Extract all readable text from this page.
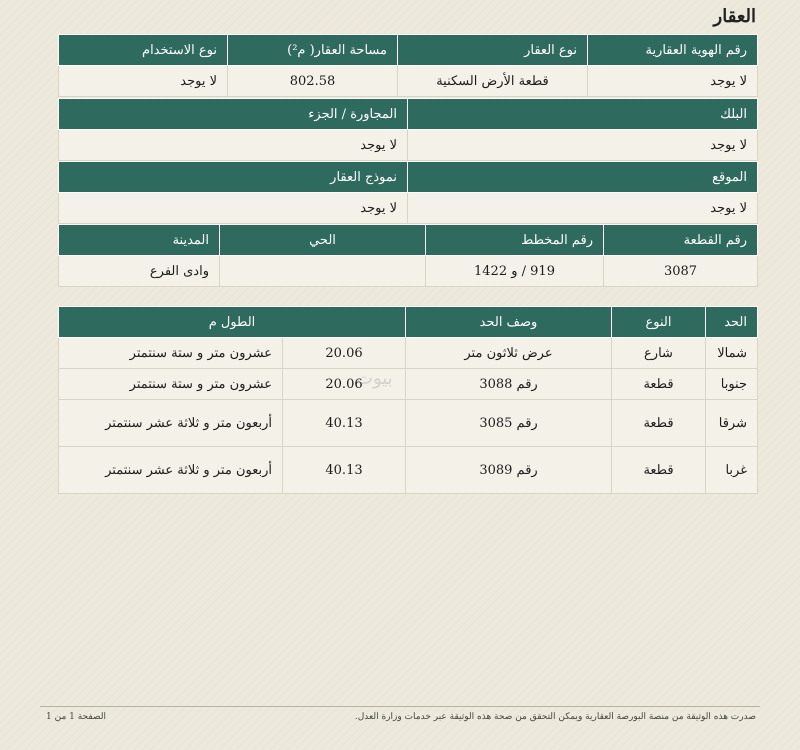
العقار
رقم الهوية العقارية	نوع العقار	مساحة العقار( م²)	نوع الاستخدام
لا يوجد	قطعة الأرض السكنية	802.58	لا يوجد
البلك	المجاورة / الجزء
لا يوجد	لا يوجد
الموقع	نموذج العقار
لا يوجد	لا يوجد
رقم القطعة	رقم المخطط	الحي	المدينة
3087	919 / و 1422		وادى الفرع
الحد	النوع	وصف الحد	الطول م	
شمالا	شارع	عرض ثلاثون متر	20.06	عشرون متر و ستة سنتمتر
جنوبا	قطعة	رقم 3088	20.06	عشرون متر و ستة سنتمتر
شرقا	قطعة	رقم 3085	40.13	أربعون متر و ثلاثة عشر سنتمتر
غربا	قطعة	رقم 3089	40.13	أربعون متر و ثلاثة عشر سنتمتر
بيوت
صدرت هذه الوثيقة من منصة البورصة العقارية ويمكن التحقق من صحة هذه الوثيقة عبر خدمات وزارة العدل.
الصفحة 1 من 1
